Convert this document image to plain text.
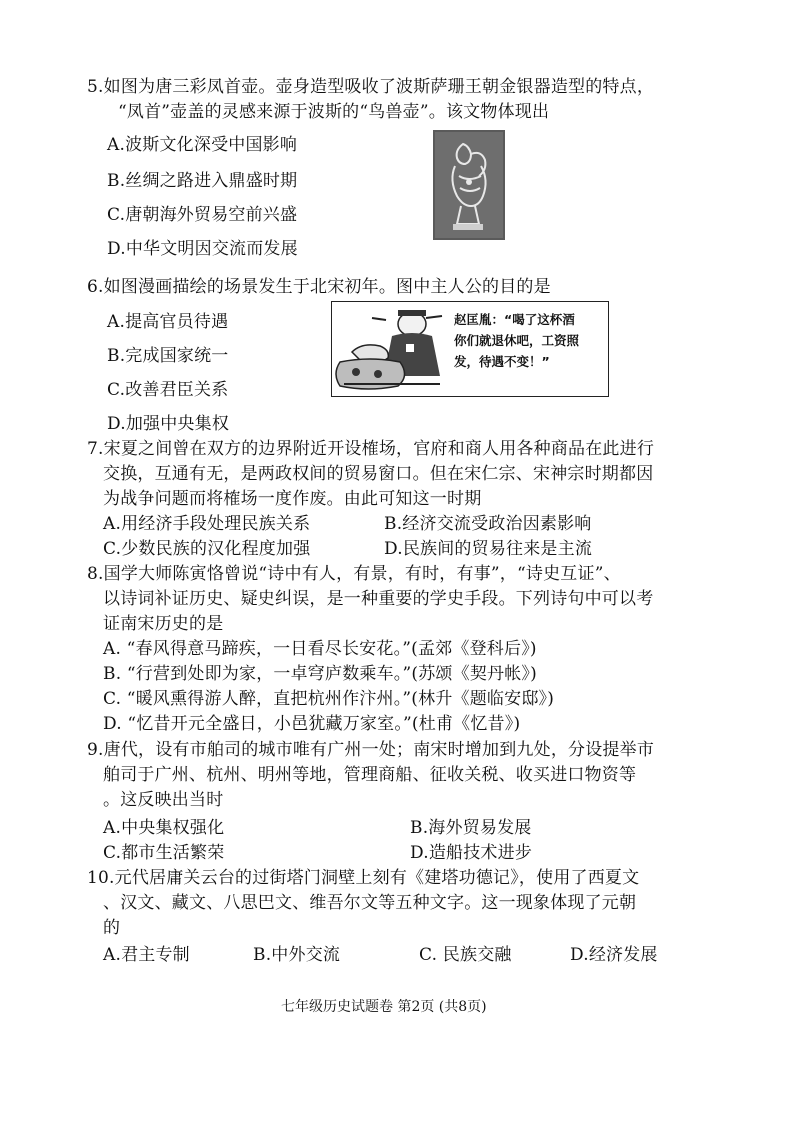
5.如图为唐三彩凤首壶。壶身造型吸收了波斯萨珊王朝金银器造型的特点，
“凤首”壶盖的灵感来源于波斯的“鸟兽壶”。该文物体现出
A.波斯文化深受中国影响
B.丝绸之路进入鼎盛时期
C.唐朝海外贸易空前兴盛
D.中华文明因交流而发展
6.如图漫画描绘的场景发生于北宋初年。图中主人公的目的是
A.提高官员待遇
B.完成国家统一
C.改善君臣关系
D.加强中央集权
赵匡胤：“喝了这杯酒
你们就退休吧，工资照
发，待遇不变！”
7.宋夏之间曾在双方的边界附近开设榷场，官府和商人用各种商品在此进行
交换，互通有无，是两政权间的贸易窗口。但在宋仁宗、宋神宗时期都因
为战争问题而将榷场一度作废。由此可知这一时期
A.用经济手段处理民族关系	B.经济交流受政治因素影响
C.少数民族的汉化程度加强	D.民族间的贸易往来是主流
8.国学大师陈寅恪曾说“诗中有人，有景，有时，有事”，“诗史互证”、
以诗词补证历史、疑史纠误，是一种重要的学史手段。下列诗句中可以考
证南宋历史的是
A. “春风得意马蹄疾，一日看尽长安花。”(孟郊《登科后》)
B. “行营到处即为家，一卓穹庐数乘车。”(苏颂《契丹帐》)
C. “暖风熏得游人醉，直把杭州作汴州。”(林升《题临安邸》)
D. “忆昔开元全盛日，小邑犹藏万家室。”(杜甫《忆昔》)
9.唐代，设有市舶司的城市唯有广州一处；南宋时增加到九处，分设提举市
舶司于广州、杭州、明州等地，管理商船、征收关税、收买进口物资等
。这反映出当时
A.中央集权强化	B.海外贸易发展
C.都市生活繁荣	D.造船技术进步
10.元代居庸关云台的过街塔门洞壁上刻有《建塔功德记》，使用了西夏文
、汉文、藏文、八思巴文、维吾尔文等五种文字。这一现象体现了元朝
的
A.君主专制	B.中外交流	C. 民族交融	D.经济发展
七年级历史试题卷 第2页 (共8页)
